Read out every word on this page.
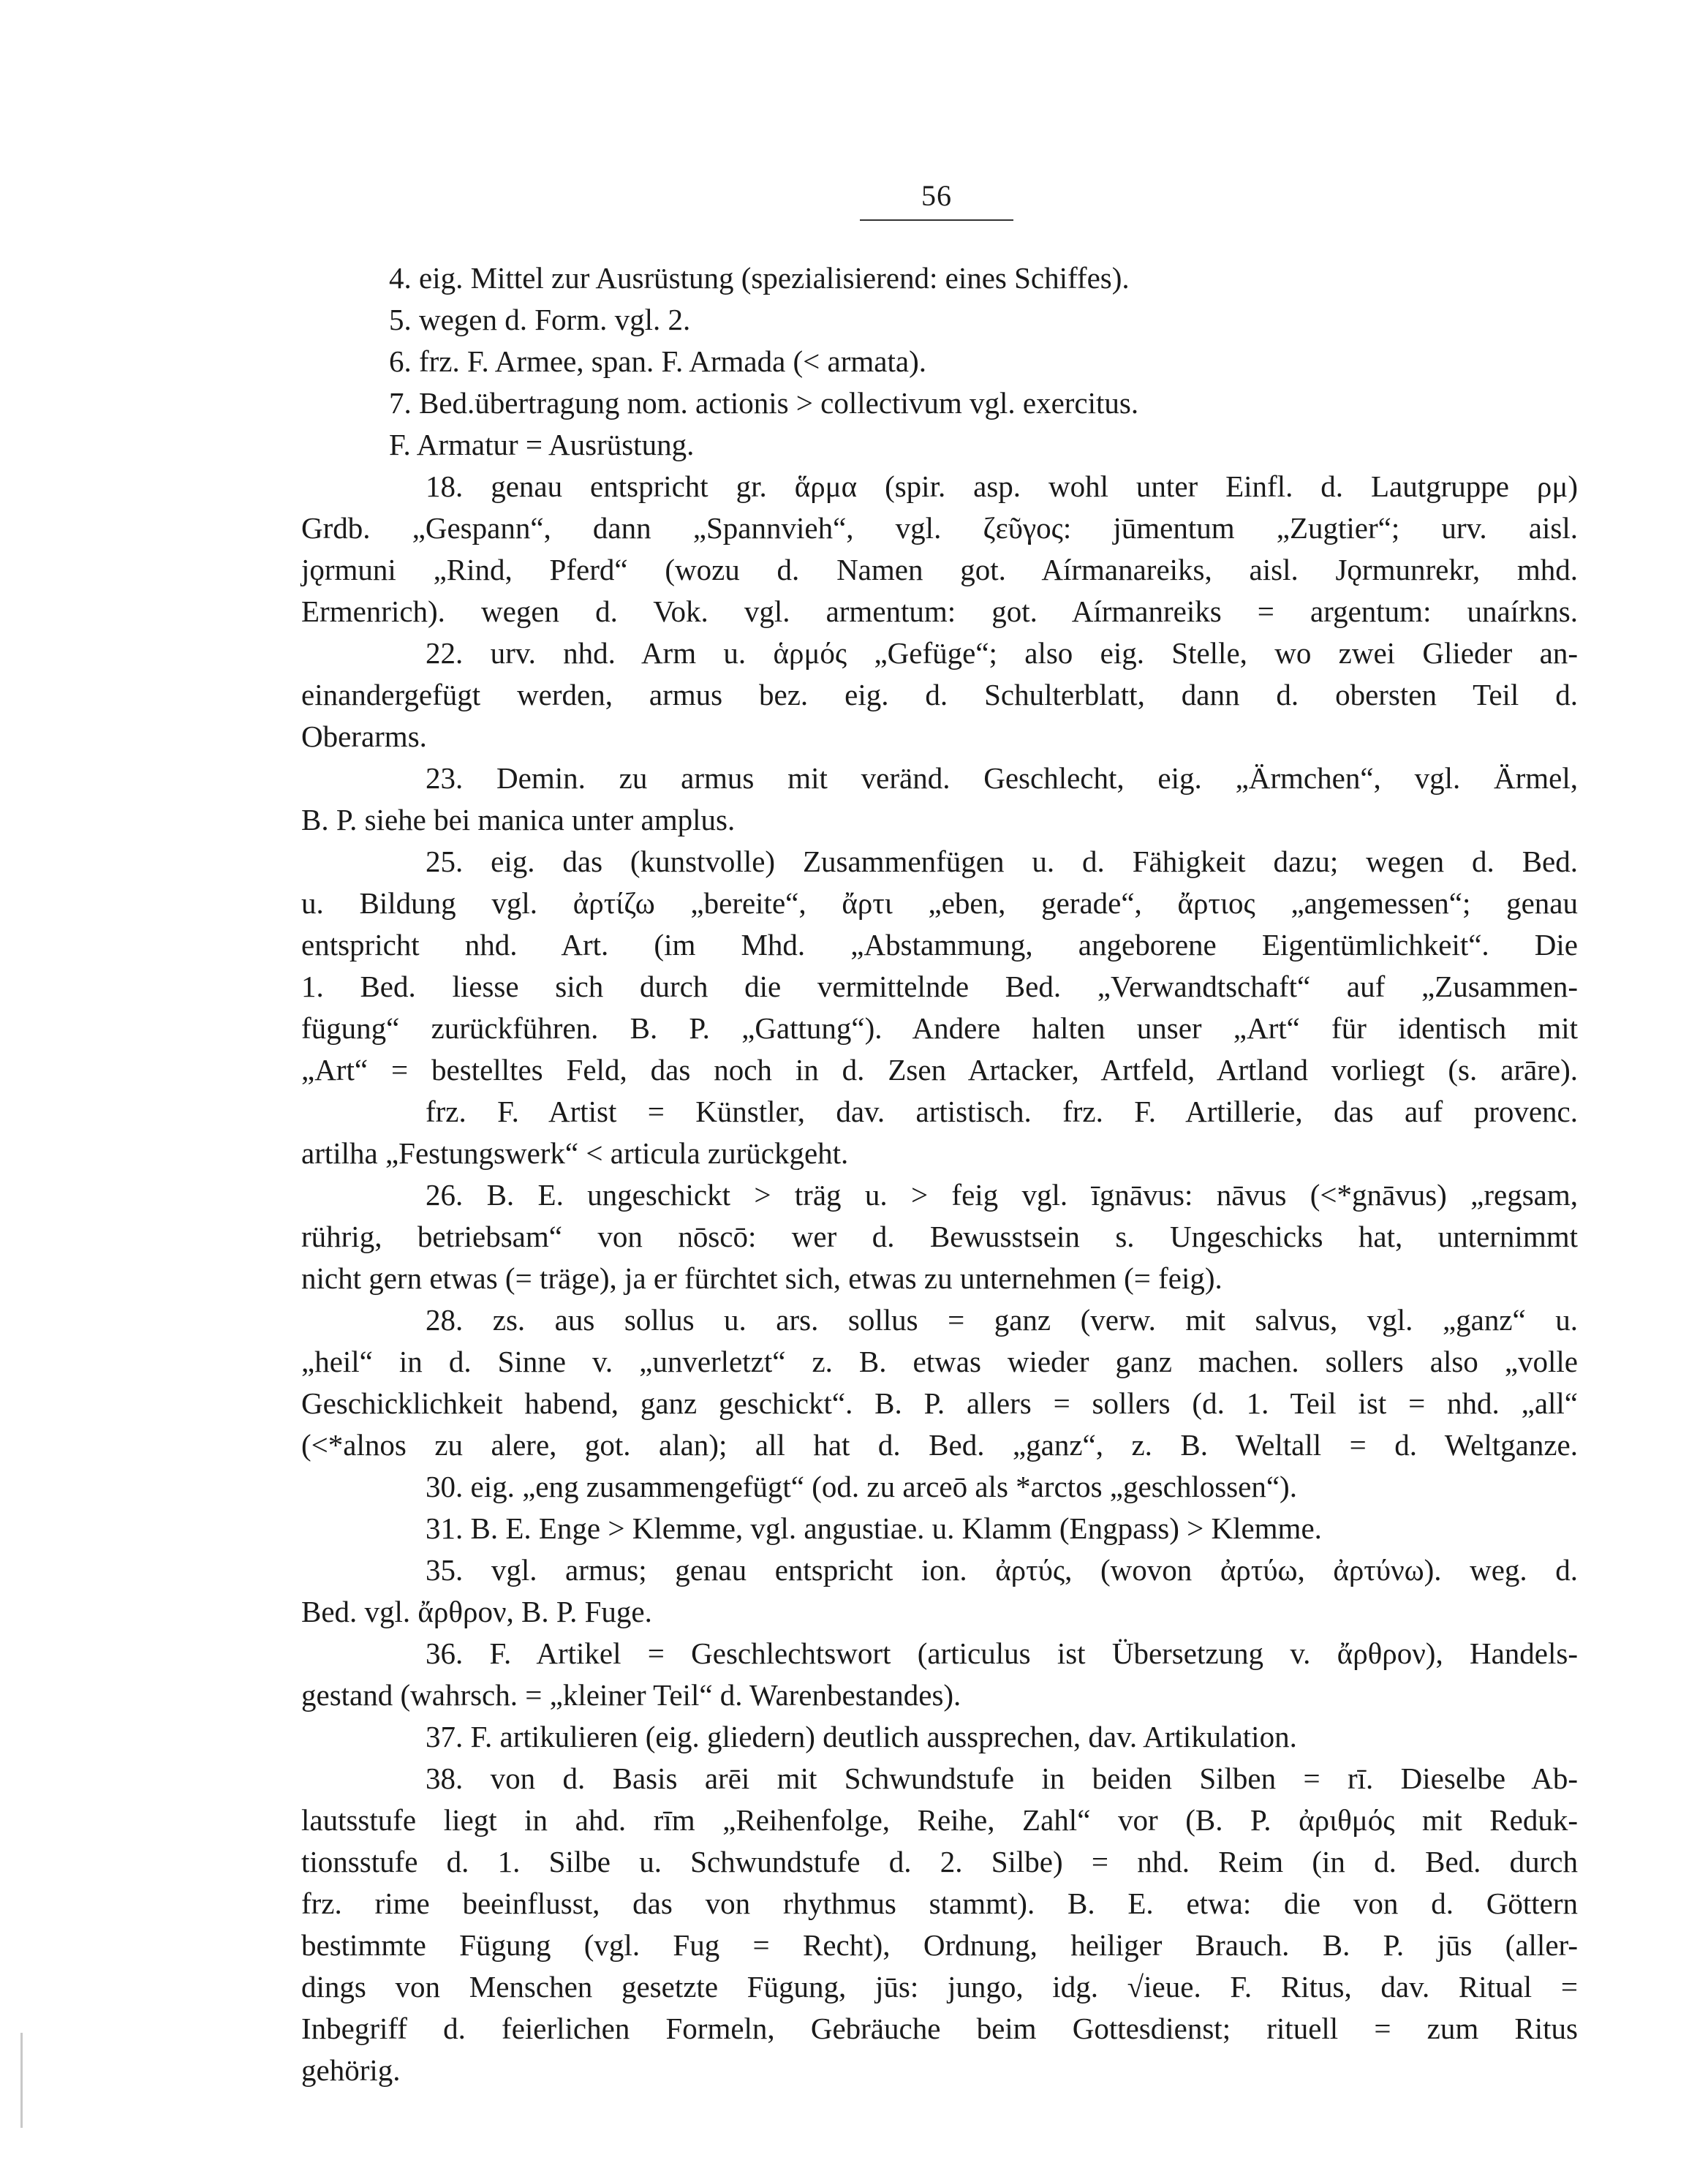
56
4. eig. Mittel zur Ausrüstung (spezialisierend: eines Schiffes).
5. wegen d. Form. vgl. 2.
6. frz. F. Armee, span. F. Armada (< armata).
7. Bed.übertragung nom. actionis > collectivum vgl. exercitus.
F. Armatur = Ausrüstung.
18. genau entspricht gr. ἅρμα (spir. asp. wohl unter Einfl. d. Lautgruppe ρμ)
Grdb. „Gespann“, dann „Spannvieh“, vgl. ζεῦγος: jūmentum „Zugtier“; urv. aisl.
jǫrmuni „Rind, Pferd“ (wozu d. Namen got. Aírmanareiks, aisl. Jǫrmunrekr, mhd.
Ermenrich). wegen d. Vok. vgl. armentum: got. Aírmanreiks = argentum: unaírkns.
22. urv. nhd. Arm u. ἁρμός „Gefüge“; also eig. Stelle, wo zwei Glieder an-
einandergefügt werden, armus bez. eig. d. Schulterblatt, dann d. obersten Teil d.
Oberarms.
23. Demin. zu armus mit veränd. Geschlecht, eig. „Ärmchen“, vgl. Ärmel,
B. P. siehe bei manica unter amplus.
25. eig. das (kunstvolle) Zusammenfügen u. d. Fähigkeit dazu; wegen d. Bed.
u. Bildung vgl. ἀρτίζω „bereite“, ἄρτι „eben, gerade“, ἄρτιος „angemessen“; genau
entspricht nhd. Art. (im Mhd. „Abstammung, angeborene Eigentümlichkeit“. Die
1. Bed. liesse sich durch die vermittelnde Bed. „Verwandtschaft“ auf „Zusammen-
fügung“ zurückführen. B. P. „Gattung“). Andere halten unser „Art“ für identisch mit
„Art“ = bestelltes Feld, das noch in d. Zsen Artacker, Artfeld, Artland vorliegt (s. arāre).
frz. F. Artist = Künstler, dav. artistisch. frz. F. Artillerie, das auf provenc.
artilha „Festungswerk“ < articula zurückgeht.
26. B. E. ungeschickt > träg u. > feig vgl. īgnāvus: nāvus (<*gnāvus) „regsam,
rührig, betriebsam“ von nōscō: wer d. Bewusstsein s. Ungeschicks hat, unternimmt
nicht gern etwas (= träge), ja er fürchtet sich, etwas zu unternehmen (= feig).
28. zs. aus sollus u. ars. sollus = ganz (verw. mit salvus, vgl. „ganz“ u.
„heil“ in d. Sinne v. „unverletzt“ z. B. etwas wieder ganz machen. sollers also „volle
Geschicklichkeit habend, ganz geschickt“. B. P. allers = sollers (d. 1. Teil ist = nhd. „all“
(<*alnos zu alere, got. alan); all hat d. Bed. „ganz“, z. B. Weltall = d. Weltganze.
30. eig. „eng zusammengefügt“ (od. zu arceō als *arctos „geschlossen“).
31. B. E. Enge > Klemme, vgl. angustiae. u. Klamm (Engpass) > Klemme.
35. vgl. armus; genau entspricht ion. ἀρτύς, (wovon ἀρτύω, ἀρτύνω). weg. d.
Bed. vgl. ἄρθρον, B. P. Fuge.
36. F. Artikel = Geschlechtswort (articulus ist Übersetzung v. ἄρθρον), Handels-
gestand (wahrsch. = „kleiner Teil“ d. Warenbestandes).
37. F. artikulieren (eig. gliedern) deutlich aussprechen, dav. Artikulation.
38. von d. Basis arēi mit Schwundstufe in beiden Silben = rī. Dieselbe Ab-
lautsstufe liegt in ahd. rīm „Reihenfolge, Reihe, Zahl“ vor (B. P. ἀριθμός mit Reduk-
tionsstufe d. 1. Silbe u. Schwundstufe d. 2. Silbe) = nhd. Reim (in d. Bed. durch
frz. rime beeinflusst, das von rhythmus stammt). B. E. etwa: die von d. Göttern
bestimmte Fügung (vgl. Fug = Recht), Ordnung, heiliger Brauch. B. P. jūs (aller-
dings von Menschen gesetzte Fügung, jūs: jungo, idg. √ieue. F. Ritus, dav. Ritual =
Inbegriff d. feierlichen Formeln, Gebräuche beim Gottesdienst; rituell = zum Ritus
gehörig.
